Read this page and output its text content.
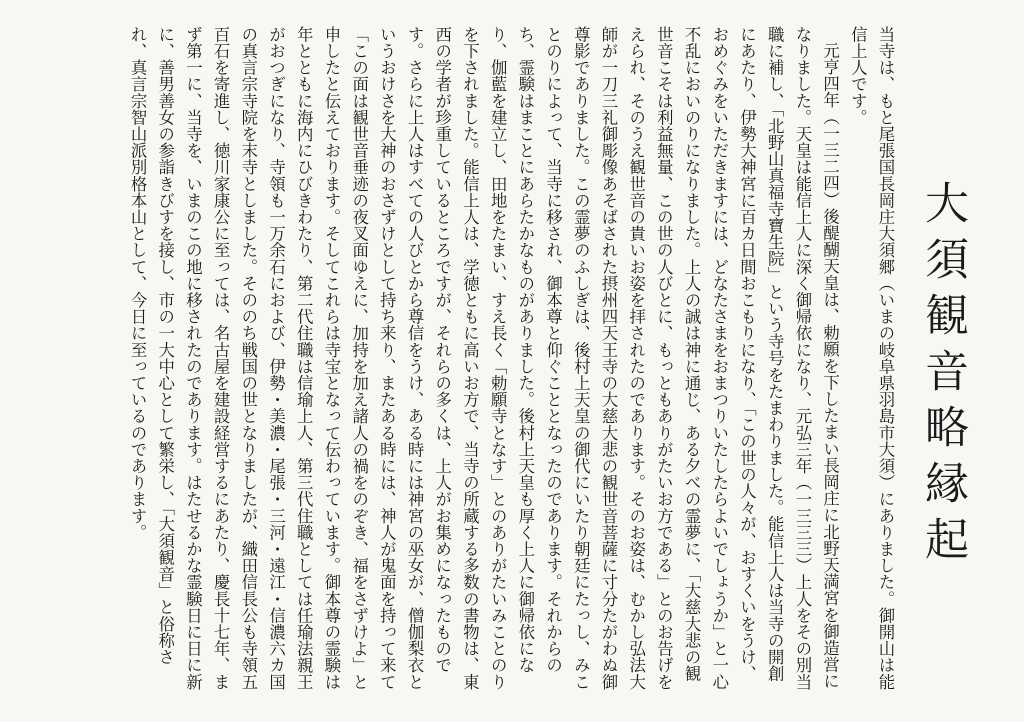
大須観音略縁起

当寺は、もと尾張国長岡庄大須郷（いまの岐阜県羽島市大須）にありました。御開山は能信上人です。

元亨四年（一三二四）後醍醐天皇は、勅願を下したまい長岡庄に北野天満宮を御造営になりました。天皇は能信上人に深く御帰依になり、元弘三年（一三三三）上人をその別当職に補し、「北野山真福寺寶生院」という寺号をたまわりました。能信上人は当寺の開創にあたり、伊勢大神宮に百カ日間おこもりになり、「この世の人々が、おすくいをうけ、おめぐみをいただきますには、どなたさまをおまつりいたしたらよいでしょうか」と一心不乱においのりになりました。上人の誠は神に通じ、ある夕べの霊夢に、「大慈大悲の観世音こそは利益無量、この世の人びとに、もっともありがたいお方である」とのお告げをえられ、そのうえ観世音の貴いお姿を拝されたのであります。そのお姿は、むかし弘法大師が一刀三礼御彫像あそばされた摂州四天王寺の大慈大悲の観世音菩薩に寸分たがわぬ御尊影でありました。この霊夢のふしぎは、後村上天皇の御代にいたり朝廷にたっし、みことのりによって、当寺に移され、御本尊と仰ぐこととなったのであります。それからのち、霊験はまことにあらたかなものがありました。後村上天皇も厚く上人に御帰依になり、伽藍を建立し、田地をたまい、すえ長く「勅願寺となす」とのありがたいみことのりを下されました。能信上人は、学徳ともに高いお方で、当寺の所蔵する多数の書物は、東西の学者が珍重しているところですが、それらの多くは、上人がお集めになったものです。さらに上人はすべての人びとから尊信をうけ、ある時には神宮の巫女が、僧伽梨衣というおけさを大神のおさずけとして持ち来り、またある時には、神人が鬼面を持って来て「この面は観世音垂迹の夜叉面ゆえに、加持を加え諸人の禍をのぞき、福をさずけよ」と申したと伝えております。そしてこれらは寺宝となって伝わっています。御本尊の霊験は年とともに海内にひびきわたり、第二代住職は信瑜上人、第三代住職としては任瑜法親王がおつぎになり、寺領も一万余石におよび、伊勢・美濃・尾張・三河・遠江・信濃六カ国の真言宗寺院を末寺としました。そののち戦国の世となりましたが、織田信長公も寺領五百石を寄進し、徳川家康公に至っては、名古屋を建設経営するにあたり、慶長十七年、まず第一に、当寺を、いまのこの地に移されたのであります。はたせるかな霊験日に日に新に、善男善女の参詣きびすを接し、市の一大中心として繁栄し、「大須観音」と俗称され、真言宗智山派別格本山として、今日に至っているのであります。
